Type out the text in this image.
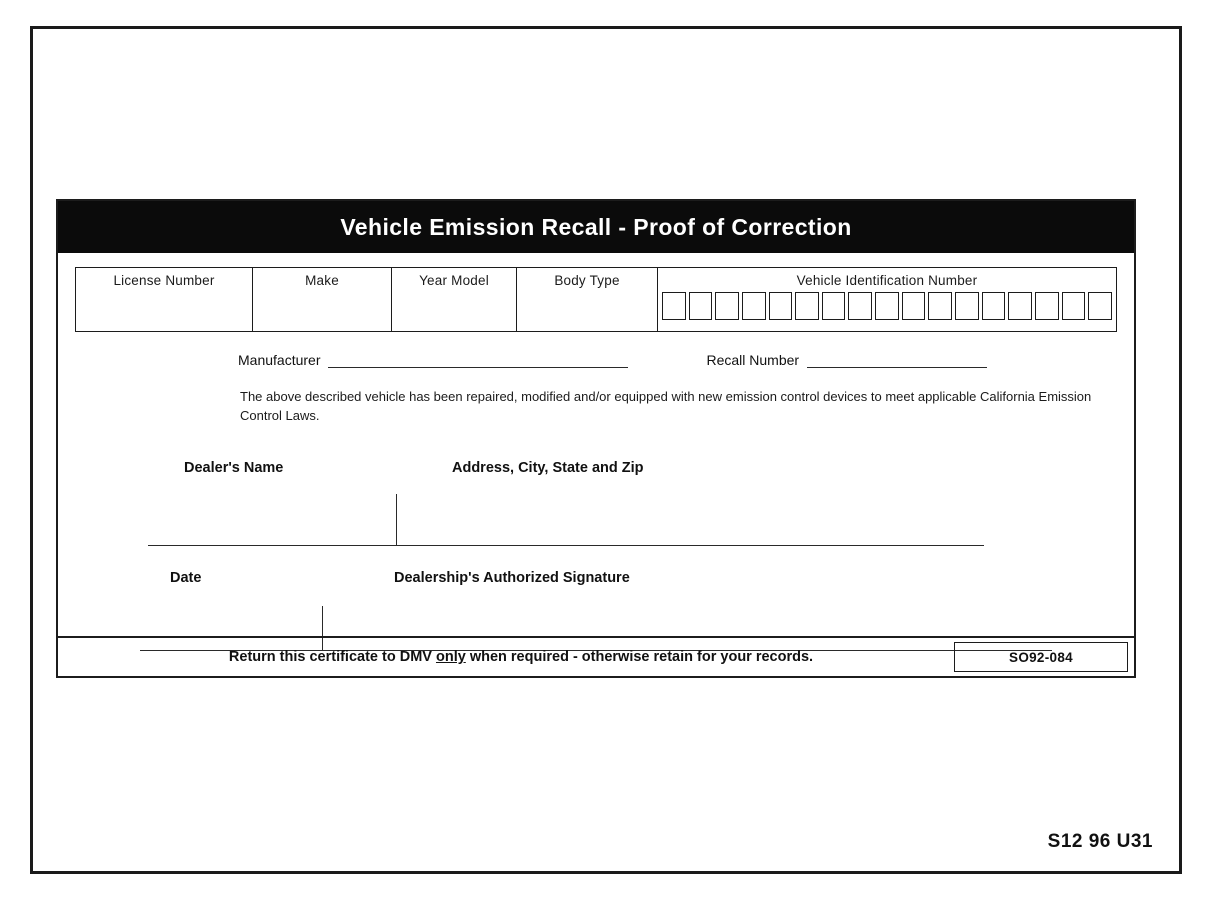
Vehicle Emission Recall - Proof of Correction
License Number	Make	Year Model	Body Type	Vehicle Identification Number
Manufacturer	Recall Number
The above described vehicle has been repaired, modified and/or equipped with new emission control devices to meet applicable California Emission Control Laws.
Dealer's Name	Address, City, State and Zip
Date	Dealership's Authorized Signature
Return this certificate to DMV only when required - otherwise retain for your records.	SO92-084
S12 96 U31
